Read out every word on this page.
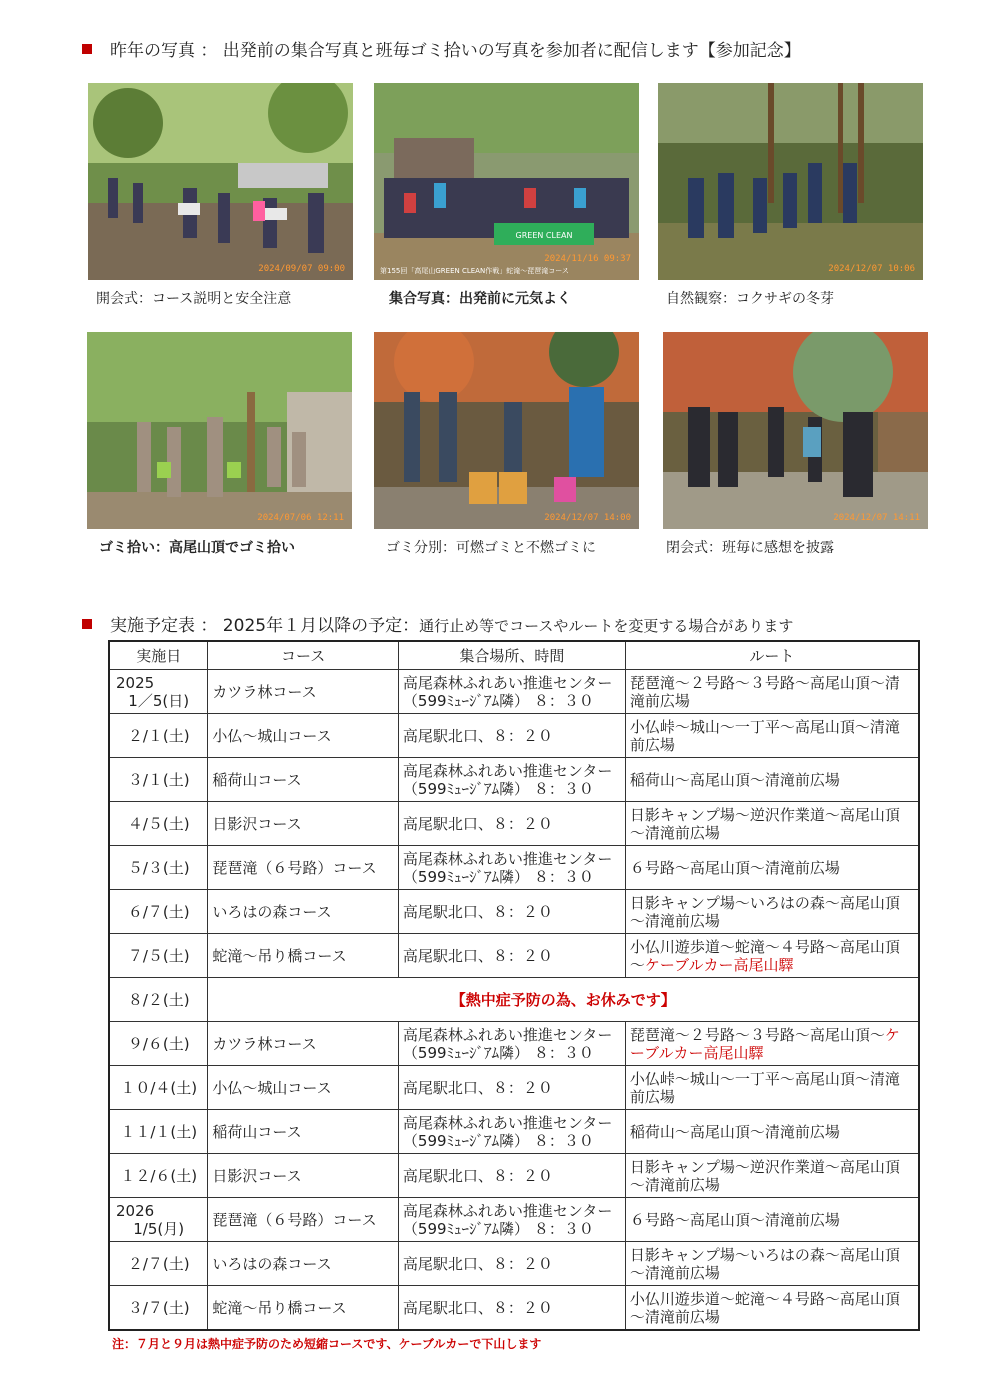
昨年の写真 ： 出発前の集合写真と班毎ゴミ拾いの写真を参加者に配信します【参加記念】
2024/09/07 09:00
GREEN CLEAN
第155回「高尾山GREEN CLEAN作戦」蛇滝～琵琶滝コース
2024/11/16 09:37
2024/12/07 10:06
開会式：コース説明と安全注意	集合写真：出発前に元気よく	自然観察：コクサギの冬芽
2024/07/06 12:11	2024/12/07 14:00	2024/12/07 14:11
ゴミ拾い：高尾山頂でゴミ拾い	ゴミ分別：可燃ゴミと不燃ゴミに	閉会式：班毎に感想を披露
実施予定表 ： 2025年１月以降の予定：通行止め等でコースやルートを変更する場合があります
実施日	コース	集合場所、時間	ルート

2025
1／5(日)	カツラ林コース	高尾森林ふれあい推進センター（599ﾐｭｰｼﾞｱﾑ隣） ８：３０	琵琶滝～２号路～３号路～高尾山頂～清滝前広場

２/１(土)	小仏～城山コース	高尾駅北口、８：２０	小仏峠～城山～一丁平～高尾山頂～清滝前広場

３/１(土)	稲荷山コース	高尾森林ふれあい推進センター（599ﾐｭｰｼﾞｱﾑ隣） ８：３０	稲荷山～高尾山頂～清滝前広場

４/５(土)	日影沢コース	高尾駅北口、８：２０	日影キャンプ場～逆沢作業道～高尾山頂～清滝前広場

５/３(土)	琵琶滝（６号路）コース	高尾森林ふれあい推進センター（599ﾐｭｰｼﾞｱﾑ隣） ８：３０	６号路～高尾山頂～清滝前広場

６/７(土)	いろはの森コース	高尾駅北口、８：２０	日影キャンプ場～いろはの森～高尾山頂～清滝前広場

７/５(土)	蛇滝～吊り橋コース	高尾駅北口、８：２０	小仏川遊歩道～蛇滝～４号路～高尾山頂～ケーブルカー高尾山驛

８/２(土)	【熱中症予防の為、お休みです】		

９/６(土)	カツラ林コース	高尾森林ふれあい推進センター（599ﾐｭｰｼﾞｱﾑ隣） ８：３０	琵琶滝～２号路～３号路～高尾山頂～ケーブルカー高尾山驛

１０/４(土)	小仏～城山コース	高尾駅北口、８：２０	小仏峠～城山～一丁平～高尾山頂～清滝前広場

１１/１(土)	稲荷山コース	高尾森林ふれあい推進センター（599ﾐｭｰｼﾞｱﾑ隣） ８：３０	稲荷山～高尾山頂～清滝前広場

１２/６(土)	日影沢コース	高尾駅北口、８：２０	日影キャンプ場～逆沢作業道～高尾山頂～清滝前広場

2026
1/5(月)	琵琶滝（６号路）コース	高尾森林ふれあい推進センター（599ﾐｭｰｼﾞｱﾑ隣） ８：３０	６号路～高尾山頂～清滝前広場

２/７(土)	いろはの森コース	高尾駅北口、８：２０	日影キャンプ場～いろはの森～高尾山頂～清滝前広場

３/７(土)	蛇滝～吊り橋コース	高尾駅北口、８：２０	小仏川遊歩道～蛇滝～４号路～高尾山頂～清滝前広場
注：７月と９月は熱中症予防のため短縮コースです、ケーブルカーで下山します
